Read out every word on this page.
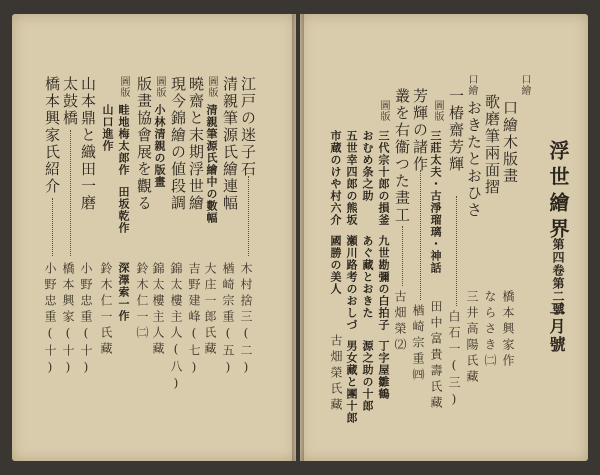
浮世繪界
第四卷第二號
二月號
口繪
口繪木版畫
橋本興家作
歌磨筆兩面摺
ならさき㈡
口繪
おきたとおひさ
三井高陽氏藏
一椿齋芳輝
白石一(三)
圖版
三莊太夫・古淨瑠璃・神話
田中富貴壽氏藏
芳輝の諸作
楢崎宗重㈣
叢を右衞つた畫工
古畑榮⑵
圖版
三代宗十郎の損釜
おむめ条之助
五世幸四郎の熊坂
市蔵のけや村六介
九世勘彌の白拍子
あぐ藏とおきた
瀬川路考のおしづ
國勝の美人
丁字屋雛鶴
源之助の十郎
男女藏と團十郎
古畑榮氏藏
江戸の迷子石
木村捨三(二)
清親筆源氏繪連幅
楢崎宗重(五)
圖版
清親筆源氏繪中の數幅
大庄一郎氏藏
曉齋と末期浮世繪
吉野建峰(七)
現今錦繪の値段調
錦太樓主人(八)
圖版
小林清親の版畫
錦太樓主人藏
版畫協會展を觀る
鈴木仁一㈡
圖版
畦地梅太郎作
田坂乾作
深澤索一作
山口進作
鈴木仁一氏藏
山本鼎と織田一磨
小野忠重(十)
太鼓橋
橋本興家(十)
橋本興家氏紹介
小野忠重(十)
